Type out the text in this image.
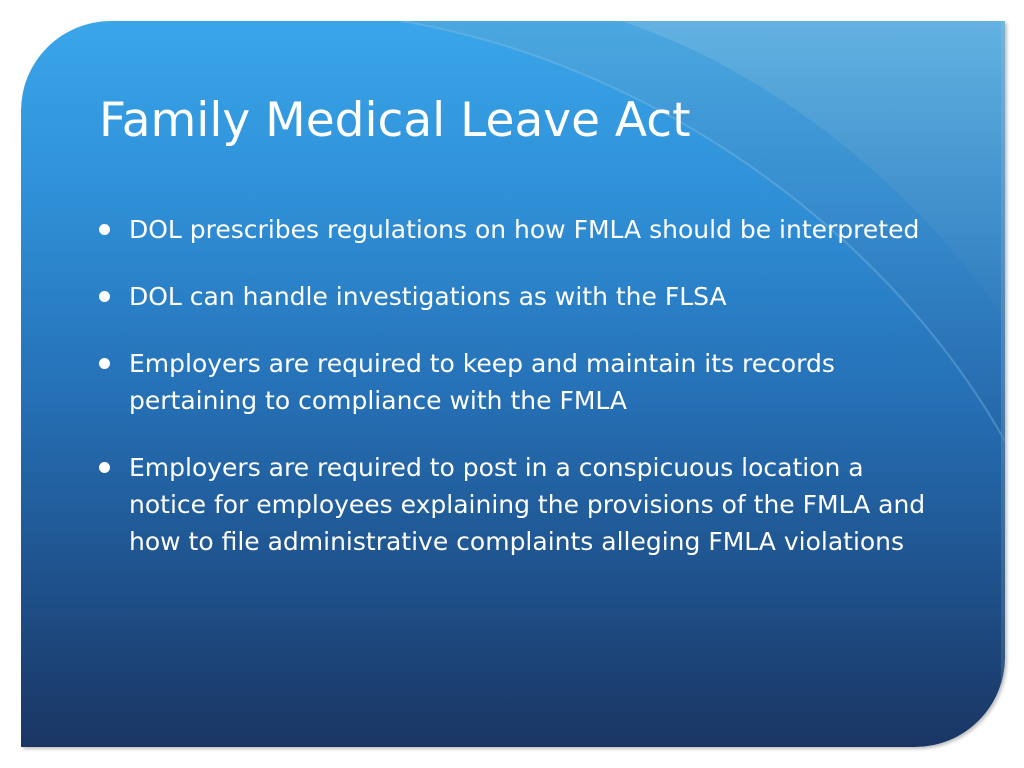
Family Medical Leave Act
DOL prescribes regulations on how FMLA should be interpreted
DOL can handle investigations as with the FLSA
Employers are required to keep and maintain its records pertaining to compliance with the FMLA
Employers are required to post in a conspicuous location a notice for employees explaining the provisions of the FMLA and how to file administrative complaints alleging FMLA violations
